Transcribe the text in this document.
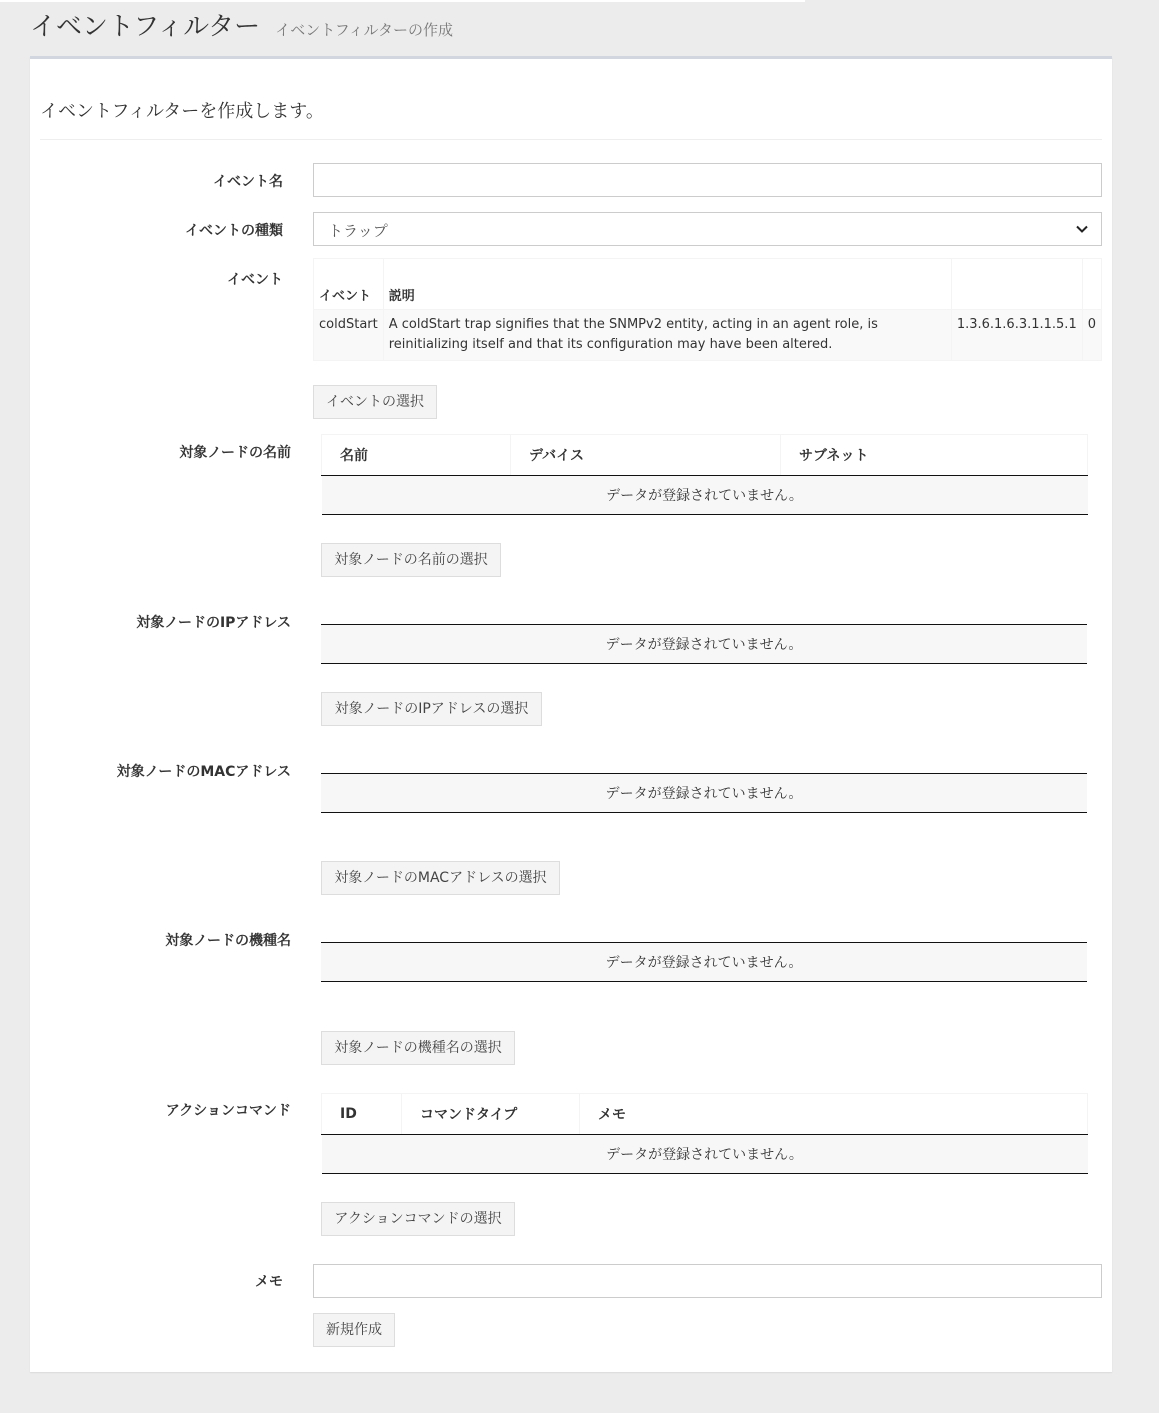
イベントフィルター イベントフィルターの作成
イベントフィルターを作成します。
イベント名
イベントの種類	トラップ
イベント
イベント	説明		
coldStart	A coldStart trap signifies that the SNMPv2 entity, acting in an agent role, is reinitializing itself and that its configuration may have been altered.	1.3.6.1.6.3.1.1.5.1	0
イベントの選択
対象ノードの名前	名前	デバイス	サブネット
データが登録されていません。
対象ノードの名前の選択
対象ノードのIPアドレス
データが登録されていません。
対象ノードのIPアドレスの選択
対象ノードのMACアドレス
データが登録されていません。
対象ノードのMACアドレスの選択
対象ノードの機種名
データが登録されていません。
対象ノードの機種名の選択
アクションコマンド	ID	コマンドタイプ	メモ
データが登録されていません。
アクションコマンドの選択
メモ
新規作成
